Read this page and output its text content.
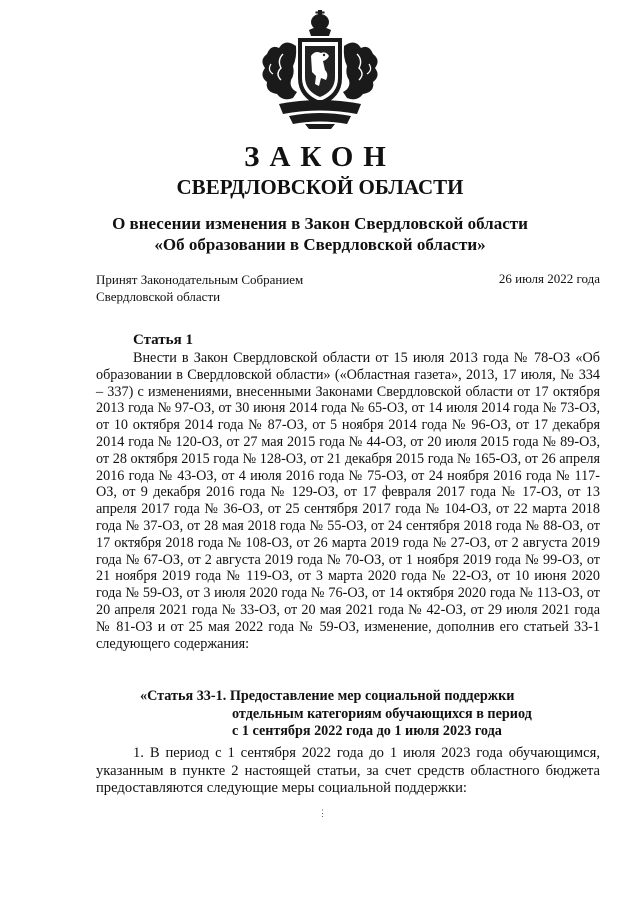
ЗАКОН
СВЕРДЛОВСКОЙ ОБЛАСТИ
О внесении изменения в Закон Свердловской области
«Об образовании в Свердловской области»
Принят Законодательным Собранием
Свердловской области
26 июля 2022 года
Статья 1

Внести в Закон Свердловской области от 15 июля 2013 года № 78-ОЗ «Об образовании в Свердловской области» («Областная газета», 2013, 17 июля, № 334 – 337) с изменениями, внесенными Законами Свердловской области от 17 октября 2013 года № 97-ОЗ, от 30 июня 2014 года № 65-ОЗ, от 14 июля 2014 года № 73-ОЗ, от 10 октября 2014 года № 87-ОЗ, от 5 ноября 2014 года № 96-ОЗ, от 17 декабря 2014 года № 120-ОЗ, от 27 мая 2015 года № 44-ОЗ, от 20 июля 2015 года № 89-ОЗ, от 28 октября 2015 года № 128-ОЗ, от 21 декабря 2015 года № 165-ОЗ, от 26 апреля 2016 года № 43-ОЗ, от 4 июля 2016 года № 75-ОЗ, от 24 ноября 2016 года № 117-ОЗ, от 9 декабря 2016 года № 129-ОЗ, от 17 февраля 2017 года № 17-ОЗ, от 13 апреля 2017 года № 36-ОЗ, от 25 сентября 2017 года № 104-ОЗ, от 22 марта 2018 года № 37-ОЗ, от 28 мая 2018 года № 55-ОЗ, от 24 сентября 2018 года № 88-ОЗ, от 17 октября 2018 года № 108-ОЗ, от 26 марта 2019 года № 27-ОЗ, от 2 августа 2019 года № 67-ОЗ, от 2 августа 2019 года № 70-ОЗ, от 1 ноября 2019 года № 99-ОЗ, от 21 ноября 2019 года № 119-ОЗ, от 3 марта 2020 года № 22-ОЗ, от 10 июня 2020 года № 59-ОЗ, от 3 июля 2020 года № 76-ОЗ, от 14 октября 2020 года № 113-ОЗ, от 20 апреля 2021 года № 33-ОЗ, от 20 мая 2021 года № 42-ОЗ, от 29 июля 2021 года № 81-ОЗ и от 25 мая 2022 года № 59-ОЗ, изменение, дополнив его статьей 33-1 следующего содержания:

«Статья 33-1. Предоставление мер социальной поддержки
отдельным категориям обучающихся в период
с 1 сентября 2022 года до 1 июля 2023 года

1. В период с 1 сентября 2022 года до 1 июля 2023 года обучающимся, указанным в пункте 2 настоящей статьи, за счет средств областного бюджета предоставляются следующие меры социальной поддержки:

⋮
